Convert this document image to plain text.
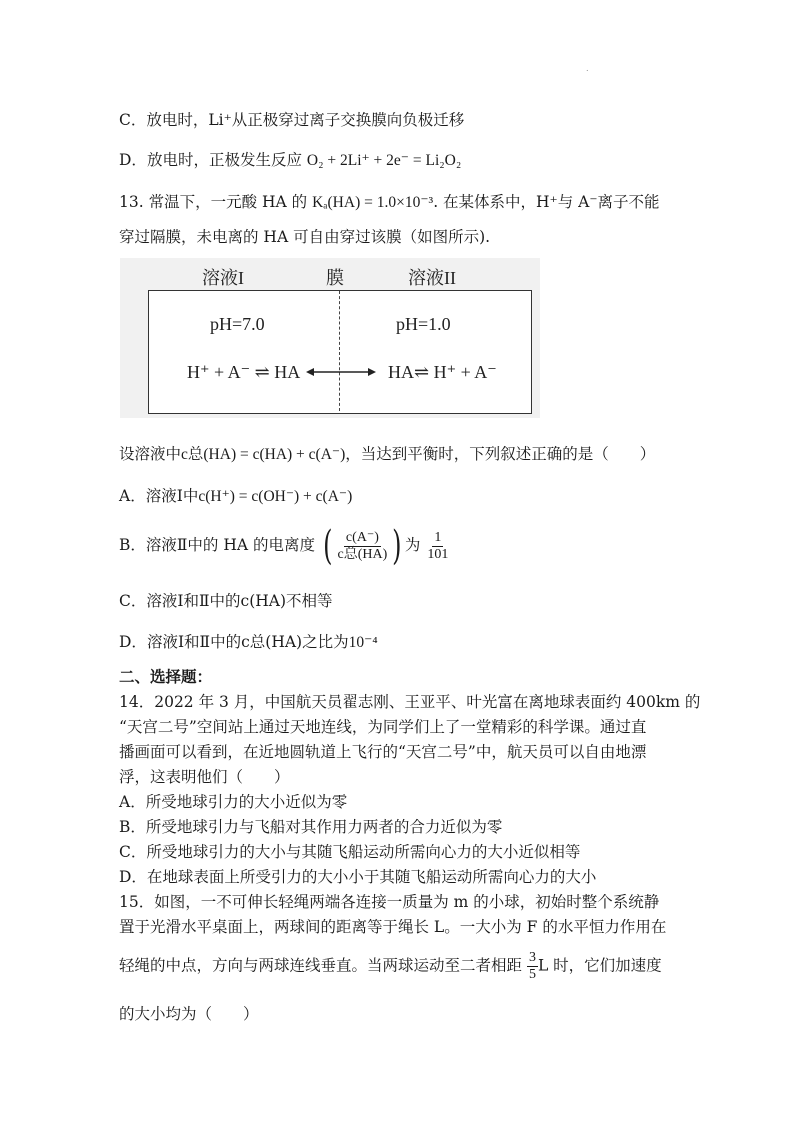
.
C．放电时，Li⁺从正极穿过离子交换膜向负极迁移
D．放电时，正极发生反应 O₂ + 2Li⁺ + 2e⁻ = Li₂O₂
13. 常温下，一元酸 HA 的 Kₐ(HA) = 1.0×10⁻³. 在某体系中，H⁺与 A⁻离子不能
穿过隔膜，未电离的 HA 可自由穿过该膜（如图所示).
溶液I	膜	溶液II
pH=7.0	pH=1.0
H⁺ + A⁻ ⇌ HA	HA⇌ H⁺ + A⁻
设溶液中c总(HA) = c(HA) + c(A⁻)，当达到平衡时，下列叙述正确的是（　　）
A．溶液Ⅰ中c(H⁺) = c(OH⁻) + c(A⁻)
B．溶液Ⅱ中的 HA 的电离度 ( $\frac{c(A^-)}{\text{c总(HA)}}$ ) 为 $\frac{1}{101}$
C．溶液Ⅰ和Ⅱ中的c(HA)不相等
D．溶液Ⅰ和Ⅱ中的c总(HA)之比为10⁻⁴
二、选择题：
14．2022 年 3 月，中国航天员翟志刚、王亚平、叶光富在离地球表面约 400km 的
“天宫二号”空间站上通过天地连线，为同学们上了一堂精彩的科学课。通过直
播画面可以看到，在近地圆轨道上飞行的“天宫二号”中，航天员可以自由地漂
浮，这表明他们（　　）
A．所受地球引力的大小近似为零
B．所受地球引力与飞船对其作用力两者的合力近似为零
C．所受地球引力的大小与其随飞船运动所需向心力的大小近似相等
D．在地球表面上所受引力的大小小于其随飞船运动所需向心力的大小
15．如图，一不可伸长轻绳两端各连接一质量为 m 的小球，初始时整个系统静
置于光滑水平桌面上，两球间的距离等于绳长 L。一大小为 F 的水平恒力作用在
轻绳的中点，方向与两球连线垂直。当两球运动至二者相距 $\frac{3}{5}$ L 时，它们加速度
的大小均为（　　）
